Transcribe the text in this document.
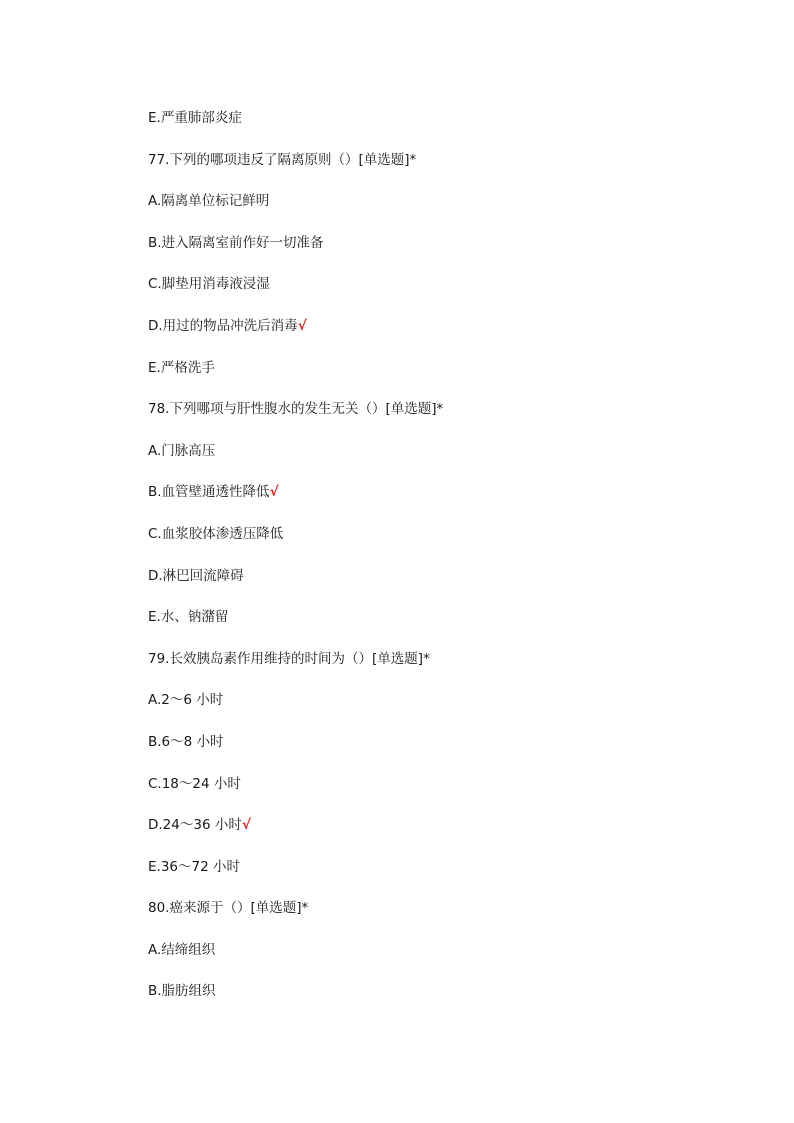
E.严重肺部炎症
77.下列的哪项违反了隔离原则（）[单选题]*
A.隔离单位标记鲜明
B.进入隔离室前作好一切准备
C.脚垫用消毒液浸湿
D.用过的物品冲洗后消毒√
E.严格洗手
78.下列哪项与肝性腹水的发生无关（）[单选题]*
A.门脉高压
B.血管壁通透性降低√
C.血浆胶体渗透压降低
D.淋巴回流障碍
E.水、钠潴留
79.长效胰岛素作用维持的时间为（）[单选题]*
A.2～6 小时
B.6～8 小时
C.18～24 小时
D.24～36 小时√
E.36～72 小时
80.癌来源于（）[单选题]*
A.结缔组织
B.脂肪组织
